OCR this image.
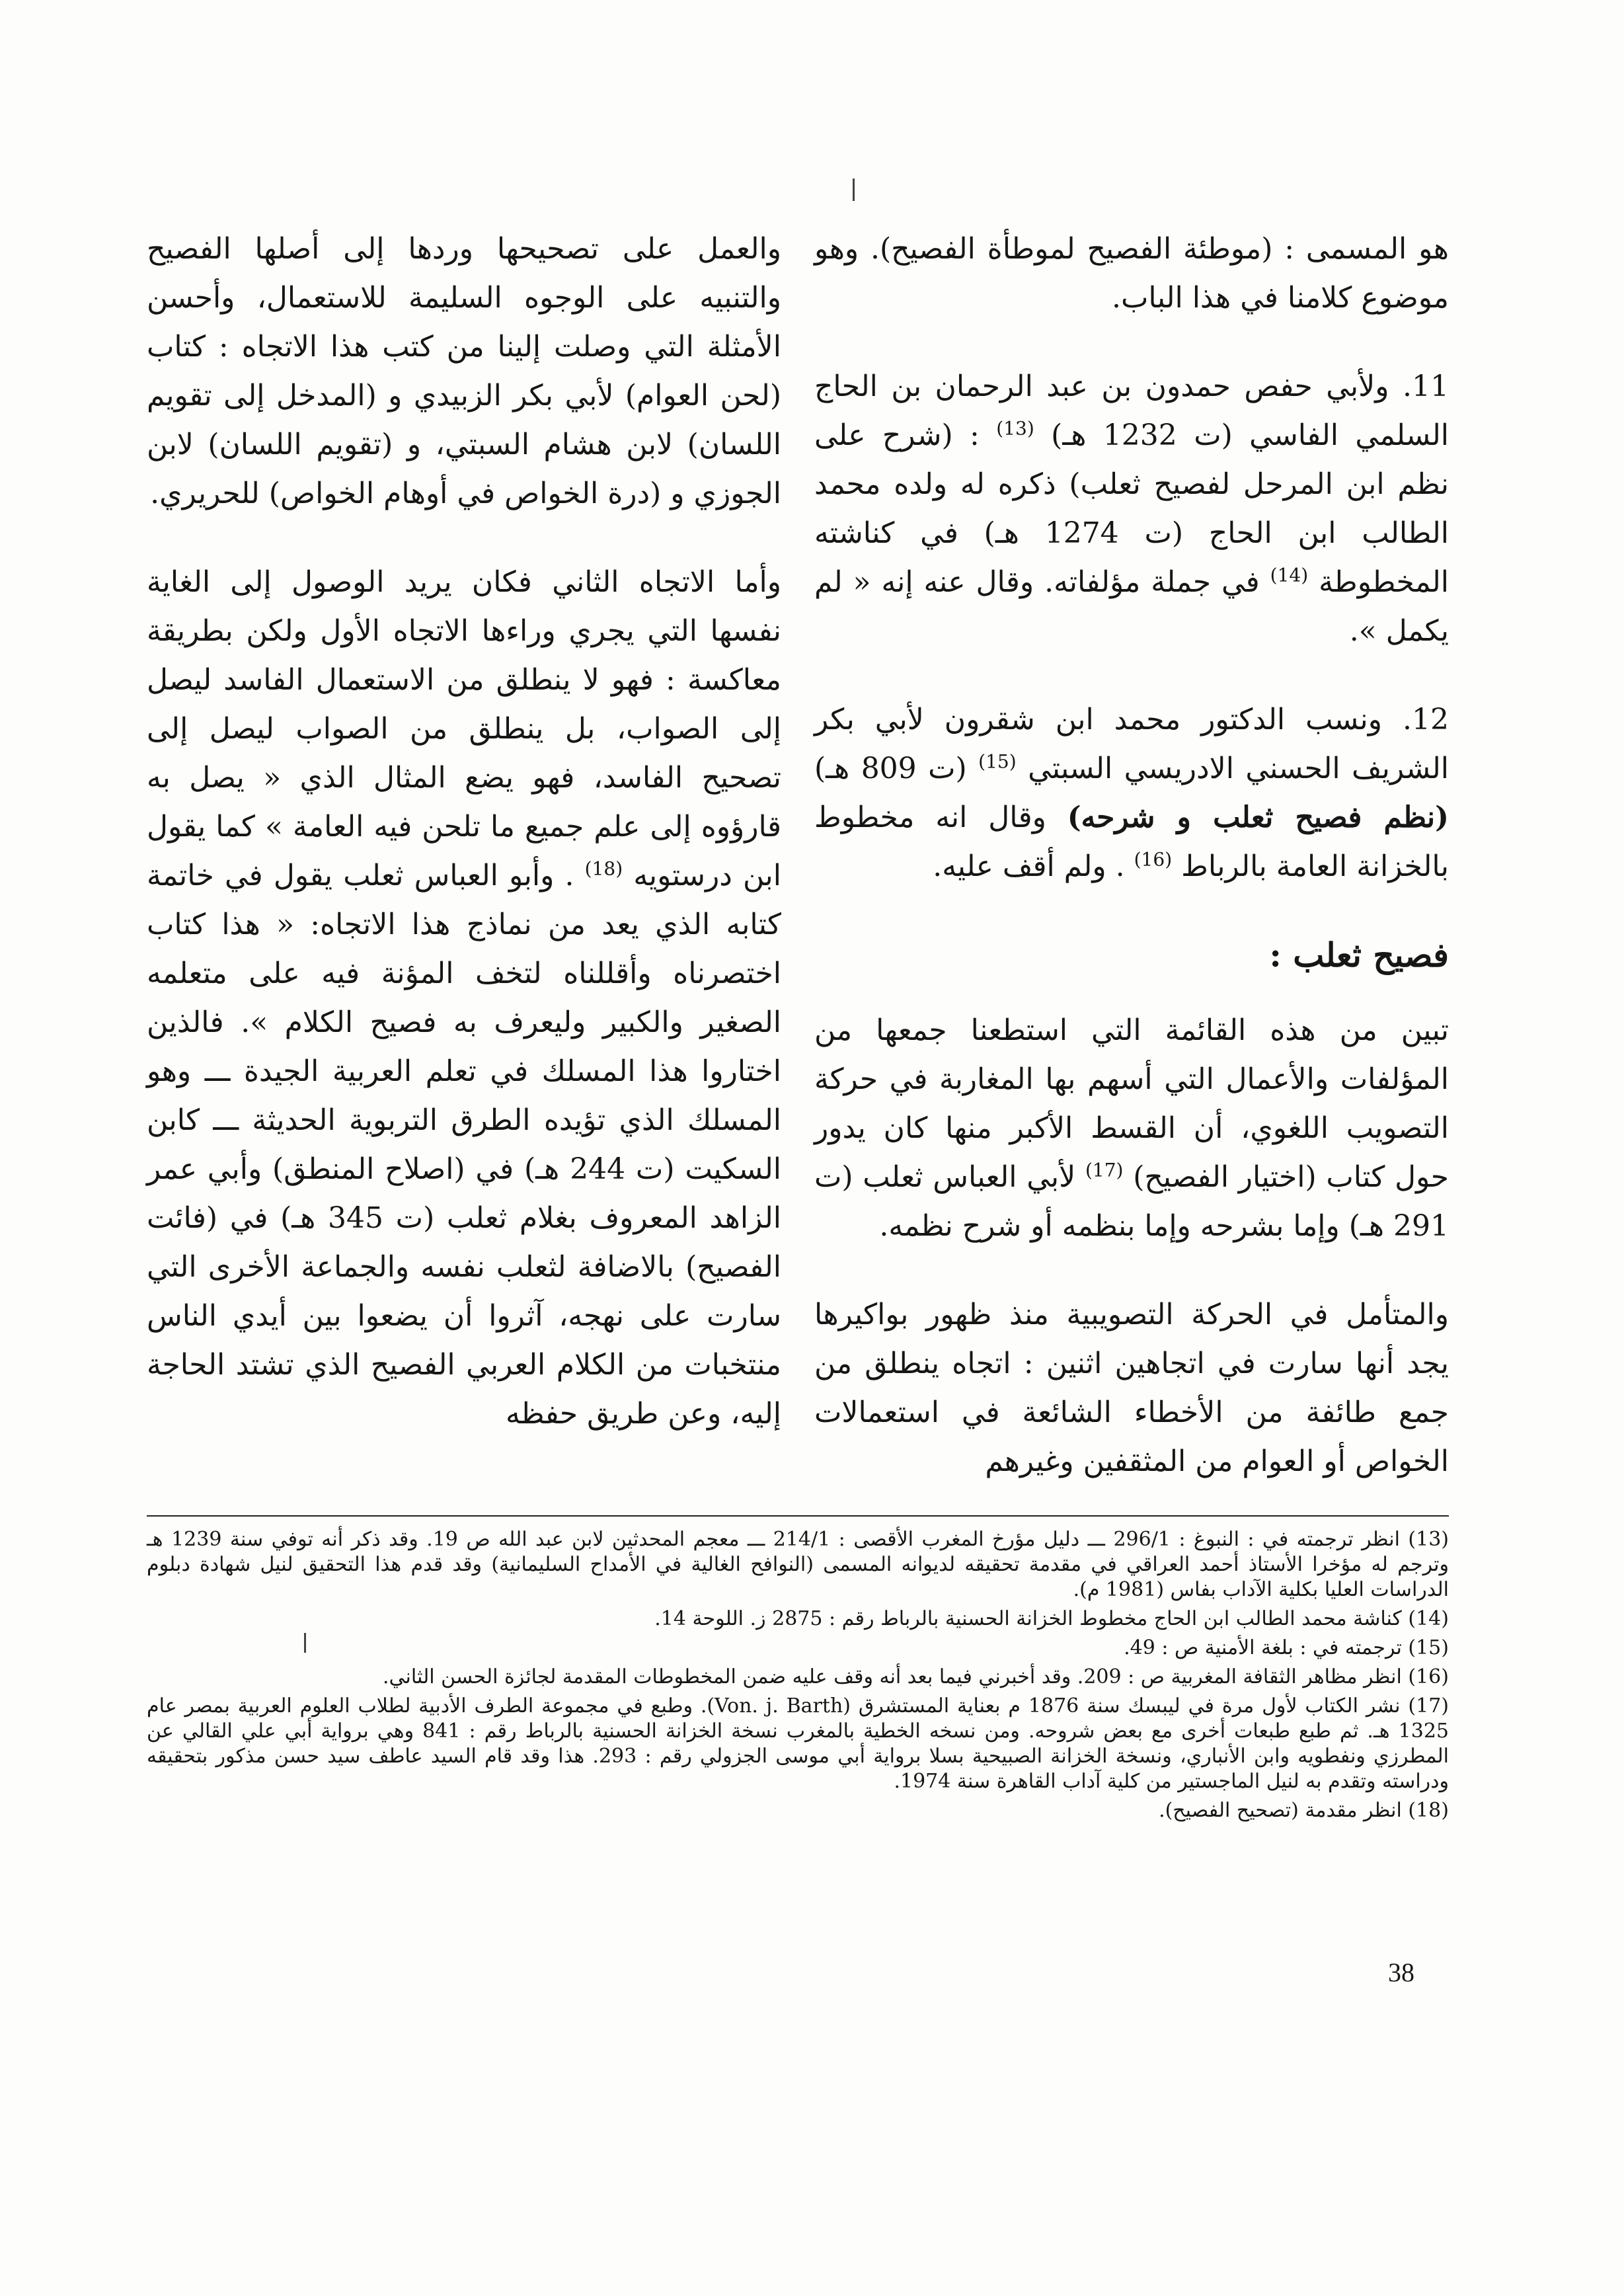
هو المسمى : (موطئة الفصيح لموطأة الفصيح). وهو موضوع كلامنا في هذا الباب.

11. ولأبي حفص حمدون بن عبد الرحمان بن الحاج السلمي الفاسي (ت 1232 هـ) $^{(13)}$ : (شرح على نظم ابن المرحل لفصيح ثعلب) ذكره له ولده محمد الطالب ابن الحاج (ت 1274 هـ) في كناشته المخطوطة $^{(14)}$ في جملة مؤلفاته. وقال عنه إنه « لم يكمل ».

12. ونسب الدكتور محمد ابن شقرون لأبي بكر الشريف الحسني الادريسي السبتي $^{(15)}$ (ت 809 هـ) (نظم فصيح ثعلب و شرحه) وقال انه مخطوط بالخزانة العامة بالرباط $^{(16)}$ . ولم أقف عليه.

فصيح ثعلب :

تبين من هذه القائمة التي استطعنا جمعها من المؤلفات والأعمال التي أسهم بها المغاربة في حركة التصويب اللغوي، أن القسط الأكبر منها كان يدور حول كتاب (اختيار الفصيح) $^{(17)}$ لأبي العباس ثعلب (ت 291 هـ) وإما بشرحه وإما بنظمه أو شرح نظمه.

والمتأمل في الحركة التصويبية منذ ظهور بواكيرها يجد أنها سارت في اتجاهين اثنين : اتجاه ينطلق من جمع طائفة من الأخطاء الشائعة في استعمالات الخواص أو العوام من المثقفين وغيرهم

والعمل على تصحيحها وردها إلى أصلها الفصيح والتنبيه على الوجوه السليمة للاستعمال، وأحسن الأمثلة التي وصلت إلينا من كتب هذا الاتجاه : كتاب (لحن العوام) لأبي بكر الزبيدي و (المدخل إلى تقويم اللسان) لابن هشام السبتي، و (تقويم اللسان) لابن الجوزي و (درة الخواص في أوهام الخواص) للحريري.

وأما الاتجاه الثاني فكان يريد الوصول إلى الغاية نفسها التي يجري وراءها الاتجاه الأول ولكن بطريقة معاكسة : فهو لا ينطلق من الاستعمال الفاسد ليصل إلى الصواب، بل ينطلق من الصواب ليصل إلى تصحيح الفاسد، فهو يضع المثال الذي « يصل به قارؤوه إلى علم جميع ما تلحن فيه العامة » كما يقول ابن درستويه $^{(18)}$ . وأبو العباس ثعلب يقول في خاتمة كتابه الذي يعد من نماذج هذا الاتجاه: « هذا كتاب اختصرناه وأقللناه لتخف المؤنة فيه على متعلمه الصغير والكبير وليعرف به فصيح الكلام ». فالذين اختاروا هذا المسلك في تعلم العربية الجيدة ـــ وهو المسلك الذي تؤيده الطرق التربوية الحديثة ـــ كابن السكيت (ت 244 هـ) في (اصلاح المنطق) وأبي عمر الزاهد المعروف بغلام ثعلب (ت 345 هـ) في (فائت الفصيح) بالاضافة لثعلب نفسه والجماعة الأخرى التي سارت على نهجه، آثروا أن يضعوا بين أيدي الناس منتخبات من الكلام العربي الفصيح الذي تشتد الحاجة إليه، وعن طريق حفظه

(13) انظر ترجمته في : النبوغ : 296/1 ـــ دليل مؤرخ المغرب الأقصى : 214/1 ـــ معجم المحدثين لابن عبد الله ص 19. وقد ذكر أنه توفي سنة 1239 هـ وترجم له مؤخرا الأستاذ أحمد العراقي في مقدمة تحقيقه لديوانه المسمى (النوافح الغالية في الأمداح السليمانية) وقد قدم هذا التحقيق لنيل شهادة دبلوم الدراسات العليا بكلية الآداب بفاس (1981 م).

(14) كناشة محمد الطالب ابن الحاج مخطوط الخزانة الحسنية بالرباط رقم : 2875 ز. اللوحة 14.

(15) ترجمته في : بلغة الأمنية ص : 49.

(16) انظر مظاهر الثقافة المغربية ص : 209. وقد أخبرني فيما بعد أنه وقف عليه ضمن المخطوطات المقدمة لجائزة الحسن الثاني.

(17) نشر الكتاب لأول مرة في ليبسك سنة 1876 م بعناية المستشرق (Von. j. Barth). وطبع في مجموعة الطرف الأدبية لطلاب العلوم العربية بمصر عام 1325 هـ. ثم طبع طبعات أخرى مع بعض شروحه. ومن نسخه الخطية بالمغرب نسخة الخزانة الحسنية بالرباط رقم : 841 وهي برواية أبي علي القالي عن المطرزي ونفطويه وابن الأنباري، ونسخة الخزانة الصبيحية بسلا برواية أبي موسى الجزولي رقم : 293. هذا وقد قام السيد عاطف سيد حسن مذكور بتحقيقه ودراسته وتقدم به لنيل الماجستير من كلية آداب القاهرة سنة 1974.

(18) انظر مقدمة (تصحيح الفصيح).

38
